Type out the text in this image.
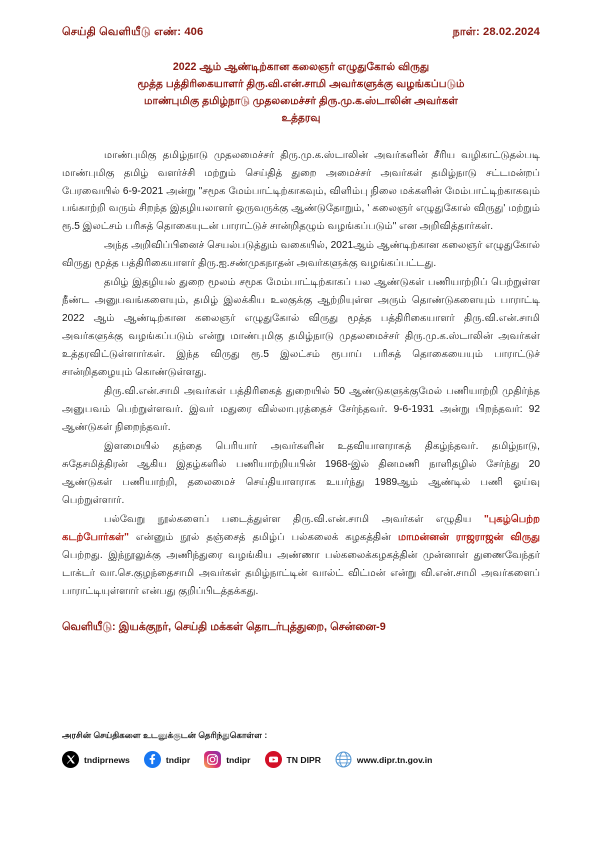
செய்தி வெளியீடு எண்: 406	நாள்: 28.02.2024
2022 ஆம் ஆண்டிற்கான கலைஞர் எழுதுகோல் விருது
மூத்த பத்திரிகையாளர் திரு.வி.என்.சாமி அவர்களுக்கு வழங்கப்படும்
மாண்புமிகு தமிழ்நாடு முதலமைச்சர் திரு.மு.க.ஸ்டாலின் அவர்கள்
உத்தரவு

மாண்புமிகு தமிழ்நாடு முதலமைச்சர் திரு.மு.க.ஸ்டாலின் அவர்களின் சீரிய வழிகாட்டுதல்படி மாண்புமிகு தமிழ் வளர்ச்சி மற்றும் செய்தித் துறை அமைச்சர் அவர்கள் தமிழ்நாடு சட்டமன்றப் பேரவையில் 6-9-2021 அன்று "சமூக மேம்பாட்டிற்காகவும், விளிம்பு நிலை மக்களின் மேம்பாட்டிற்காகவும் பங்காற்றி வரும் சிறந்த இதழியலாளர் ஒருவருக்கு ஆண்டுதோறும், ' கலைஞர் எழுதுகோல் விருது' மற்றும் ரூ.5 இலட்சம் பரிசுத் தொகையுடன் பாராட்டுச் சான்றிதழும் வழங்கப்படும்" என அறிவித்தார்கள்.

அந்த அறிவிப்பினைச் செயல்படுத்தும் வகையில், 2021ஆம் ஆண்டிற்கான கலைஞர் எழுதுகோல் விருது மூத்த பத்திரிகையாளர் திரு.ஐ.சண்முகநாதன் அவர்களுக்கு வழங்கப்பட்டது.

தமிழ் இதழியல் துறை மூலம் சமூக மேம்பாட்டிற்காகப் பல ஆண்டுகள் பணியாற்றிப் பெற்றுள்ள நீண்ட அனுபவங்களையும், தமிழ் இலக்கிய உலகுக்கு ஆற்றியுள்ள அரும் தொண்டுகளையும் பாராட்டி 2022 ஆம் ஆண்டிற்கான கலைஞர் எழுதுகோல் விருது மூத்த பத்திரிகையாளர் திரு.வி.என்.சாமி அவர்களுக்கு வழங்கப்படும் என்று மாண்புமிகு தமிழ்நாடு முதலமைச்சர் திரு.மு.க.ஸ்டாலின் அவர்கள் உத்தரவிட்டுள்ளார்கள். இந்த விருது ரூ.5 இலட்சம் ரூபாய் பரிசுத் தொகையையும் பாராட்டுச் சான்றிதழையும் கொண்டுள்ளது.

திரு.வி.என்.சாமி அவர்கள் பத்திரிகைத் துறையில் 50 ஆண்டுகளுக்குமேல் பணியாற்றி முதிர்ந்த அனுபவம் பெற்றுள்ளவர். இவர் மதுரை வில்லாபுரத்தைச் சேர்ந்தவர். 9-6-1931 அன்று பிறந்தவர்: 92 ஆண்டுகள் நிறைந்தவர்.

இளமையில் தந்தை பெரியார் அவர்களின் உதவியாளராகத் திகழ்ந்தவர். தமிழ்நாடு, சுதேசமித்திரன் ஆகிய இதழ்களில் பணியாற்றியபின் 1968-இல் தினமணி நாளிதழில் சேர்ந்து 20 ஆண்டுகள் பணியாற்றி, தலைமைச் செய்தியாளராக உயர்ந்து 1989ஆம் ஆண்டில் பணி ஓய்வு பெற்றுள்ளார்.

பல்வேறு நூல்களைப் படைத்துள்ள திரு.வி.என்.சாமி அவர்கள் எழுதிய "புகழ்பெற்ற கடற்போர்கள்" என்னும் நூல் தஞ்சைத் தமிழ்ப் பல்கலைக் கழகத்தின் மாமன்னன் ராஜராஜன் விருது பெற்றது. இந்நூலுக்கு அணிந்துரை வழங்கிய அண்ணா பல்கலைக்கழகத்தின் முன்னாள் துணைவேந்தர் டாக்டர் வா.செ.குழந்தைசாமி அவர்கள் தமிழ்நாட்டின் வால்ட் விட்மன் என்று வி.என்.சாமி அவர்களைப் பாராட்டியுள்ளார் என்பது குறிப்பிடத்தக்கது.

வெளியீடு: இயக்குநர், செய்தி மக்கள் தொடர்புத்துறை, சென்னை-9
அரசின் செய்திகளை உடனுக்குடன் தெரிந்துகொள்ள :
tndiprnews	tndipr	tndipr	TN DIPR	www.dipr.tn.gov.in
